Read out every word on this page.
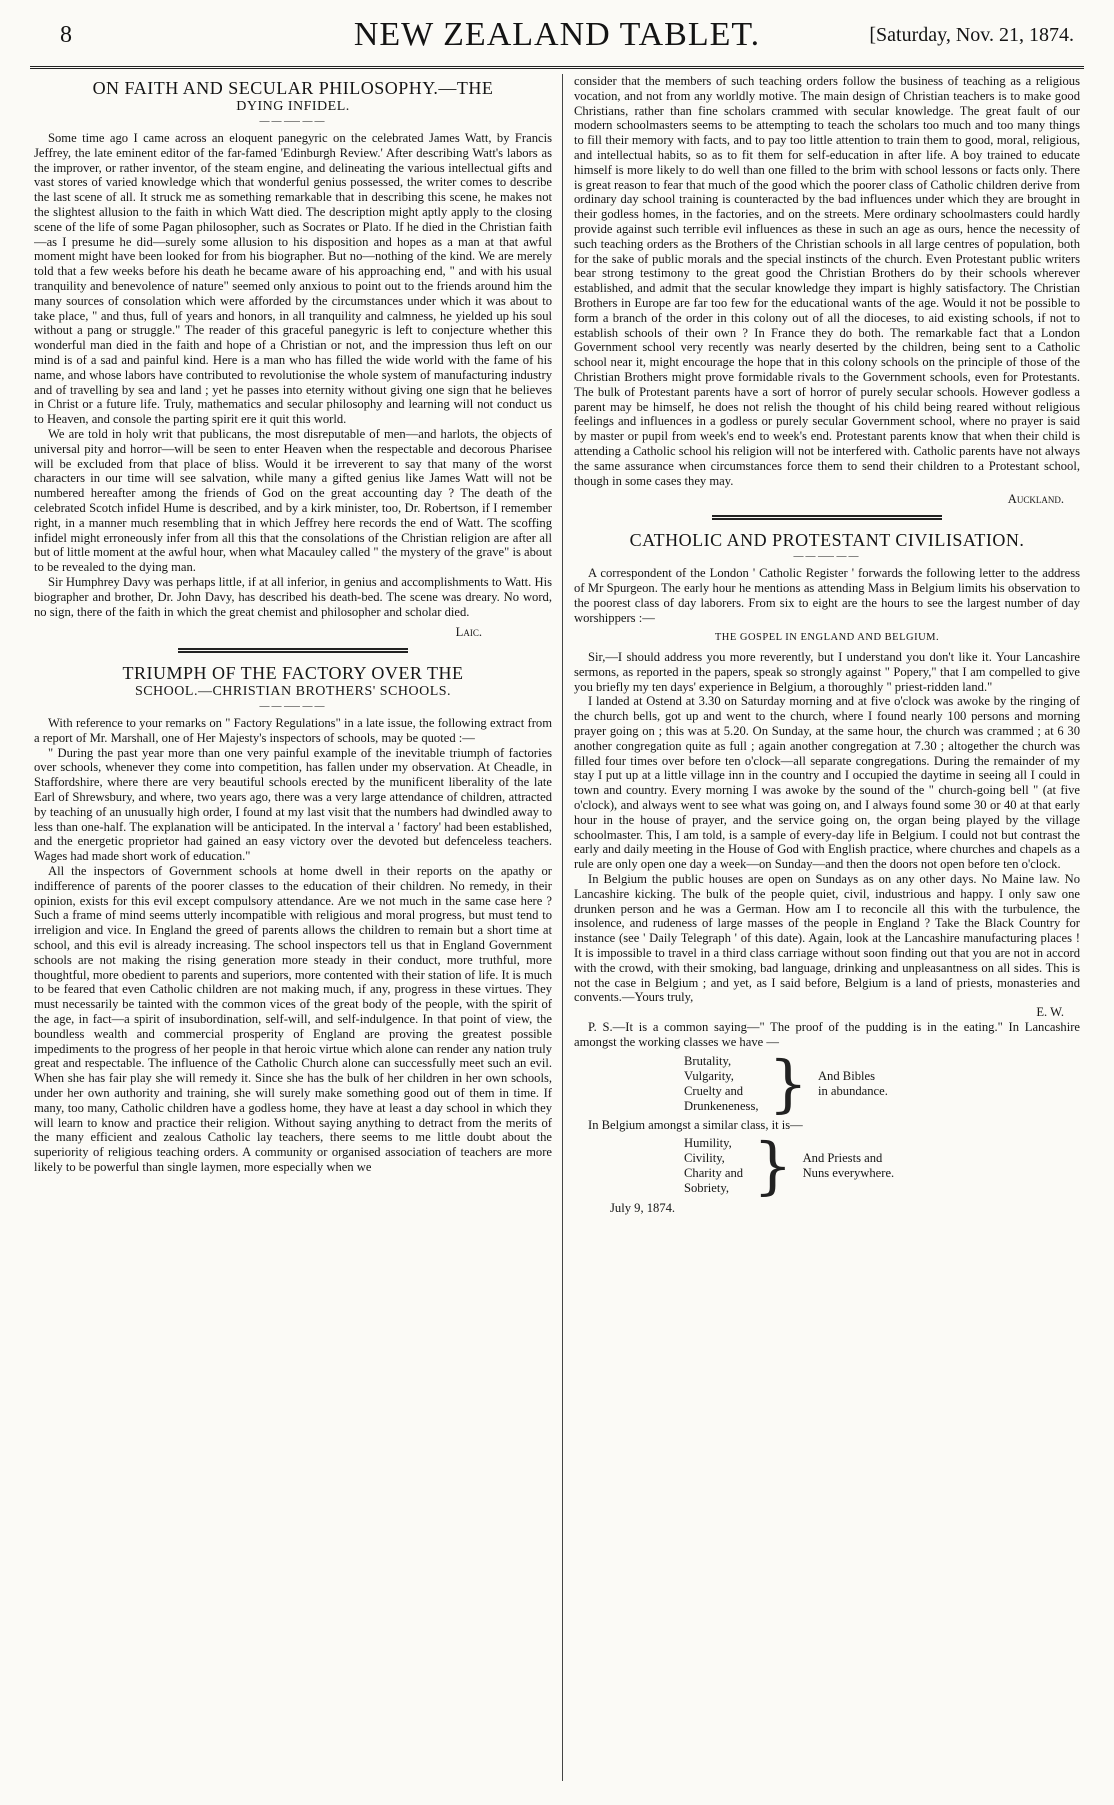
8	NEW ZEALAND TABLET.	[Saturday, Nov. 21, 1874.
ON FAITH AND SECULAR PHILOSOPHY.—THE
DYING INFIDEL.
——⸺——

Some time ago I came across an eloquent panegyric on the celebrated James Watt, by Francis Jeffrey, the late eminent editor of the far-famed 'Edinburgh Review.' After describing Watt's labors as the improver, or rather inventor, of the steam engine, and delineating the various intellectual gifts and vast stores of varied knowledge which that wonderful genius possessed, the writer comes to describe the last scene of all. It struck me as something remarkable that in describing this scene, he makes not the slightest allusion to the faith in which Watt died. The description might aptly apply to the closing scene of the life of some Pagan philosopher, such as Socrates or Plato. If he died in the Christian faith—as I presume he did—surely some allusion to his disposition and hopes as a man at that awful moment might have been looked for from his biographer. But no—nothing of the kind. We are merely told that a few weeks before his death he became aware of his approaching end, " and with his usual tranquility and benevolence of nature" seemed only anxious to point out to the friends around him the many sources of consolation which were afforded by the circumstances under which it was about to take place, " and thus, full of years and honors, in all tranquility and calmness, he yielded up his soul without a pang or struggle." The reader of this graceful panegyric is left to conjecture whether this wonderful man died in the faith and hope of a Christian or not, and the impression thus left on our mind is of a sad and painful kind. Here is a man who has filled the wide world with the fame of his name, and whose labors have contributed to revolutionise the whole system of manufacturing industry and of travelling by sea and land ; yet he passes into eternity without giving one sign that he believes in Christ or a future life. Truly, mathematics and secular philosophy and learning will not conduct us to Heaven, and console the parting spirit ere it quit this world.

We are told in holy writ that publicans, the most disreputable of men—and harlots, the objects of universal pity and horror—will be seen to enter Heaven when the respectable and decorous Pharisee will be excluded from that place of bliss. Would it be irreverent to say that many of the worst characters in our time will see salvation, while many a gifted genius like James Watt will not be numbered hereafter among the friends of God on the great accounting day ? The death of the celebrated Scotch infidel Hume is described, and by a kirk minister, too, Dr. Robertson, if I remember right, in a manner much resembling that in which Jeffrey here records the end of Watt. The scoffing infidel might erroneously infer from all this that the consolations of the Christian religion are after all but of little moment at the awful hour, when what Macauley called " the mystery of the grave" is about to be revealed to the dying man.

Sir Humphrey Davy was perhaps little, if at all inferior, in genius and accomplishments to Watt. His biographer and brother, Dr. John Davy, has described his death-bed. The scene was dreary. No word, no sign, there of the faith in which the great chemist and philosopher and scholar died.

Laic.
TRIUMPH OF THE FACTORY OVER THE
SCHOOL.—CHRISTIAN BROTHERS' SCHOOLS.
——⸺——

With reference to your remarks on " Factory Regulations" in a late issue, the following extract from a report of Mr. Marshall, one of Her Majesty's inspectors of schools, may be quoted :—

" During the past year more than one very painful example of the inevitable triumph of factories over schools, whenever they come into competition, has fallen under my observation. At Cheadle, in Staffordshire, where there are very beautiful schools erected by the munificent liberality of the late Earl of Shrewsbury, and where, two years ago, there was a very large attendance of children, attracted by teaching of an unusually high order, I found at my last visit that the numbers had dwindled away to less than one-half. The explanation will be anticipated. In the interval a ' factory' had been established, and the energetic proprietor had gained an easy victory over the devoted but defenceless teachers. Wages had made short work of education."

All the inspectors of Government schools at home dwell in their reports on the apathy or indifference of parents of the poorer classes to the education of their children. No remedy, in their opinion, exists for this evil except compulsory attendance. Are we not much in the same case here ? Such a frame of mind seems utterly incompatible with religious and moral progress, but must tend to irreligion and vice. In England the greed of parents allows the children to remain but a short time at school, and this evil is already increasing. The school inspectors tell us that in England Government schools are not making the rising generation more steady in their conduct, more truthful, more thoughtful, more obedient to parents and superiors, more contented with their station of life. It is much to be feared that even Catholic children are not making much, if any, progress in these virtues. They must necessarily be tainted with the common vices of the great body of the people, with the spirit of the age, in fact—a spirit of insubordination, self-will, and self-indulgence. In that point of view, the boundless wealth and commercial prosperity of England are proving the greatest possible impediments to the progress of her people in that heroic virtue which alone can render any nation truly great and respectable. The influence of the Catholic Church alone can successfully meet such an evil. When she has fair play she will remedy it. Since she has the bulk of her children in her own schools, under her own authority and training, she will surely make something good out of them in time. If many, too many, Catholic children have a godless home, they have at least a day school in which they will learn to know and practice their religion. Without saying anything to detract from the merits of the many efficient and zealous Catholic lay teachers, there seems to me little doubt about the superiority of religious teaching orders. A community or organised association of teachers are more likely to be powerful than single laymen, more especially when we

consider that the members of such teaching orders follow the business of teaching as a religious vocation, and not from any worldly motive. The main design of Christian teachers is to make good Christians, rather than fine scholars crammed with secular knowledge. The great fault of our modern schoolmasters seems to be attempting to teach the scholars too much and too many things to fill their memory with facts, and to pay too little attention to train them to good, moral, religious, and intellectual habits, so as to fit them for self-education in after life. A boy trained to educate himself is more likely to do well than one filled to the brim with school lessons or facts only. There is great reason to fear that much of the good which the poorer class of Catholic children derive from ordinary day school training is counteracted by the bad influences under which they are brought in their godless homes, in the factories, and on the streets. Mere ordinary schoolmasters could hardly provide against such terrible evil influences as these in such an age as ours, hence the necessity of such teaching orders as the Brothers of the Christian schools in all large centres of population, both for the sake of public morals and the special instincts of the church. Even Protestant public writers bear strong testimony to the great good the Christian Brothers do by their schools wherever established, and admit that the secular knowledge they impart is highly satisfactory. The Christian Brothers in Europe are far too few for the educational wants of the age. Would it not be possible to form a branch of the order in this colony out of all the dioceses, to aid existing schools, if not to establish schools of their own ? In France they do both. The remarkable fact that a London Government school very recently was nearly deserted by the children, being sent to a Catholic school near it, might encourage the hope that in this colony schools on the principle of those of the Christian Brothers might prove formidable rivals to the Government schools, even for Protestants. The bulk of Protestant parents have a sort of horror of purely secular schools. However godless a parent may be himself, he does not relish the thought of his child being reared without religious feelings and influences in a godless or purely secular Government school, where no prayer is said by master or pupil from week's end to week's end. Protestant parents know that when their child is attending a Catholic school his religion will not be interfered with. Catholic parents have not always the same assurance when circumstances force them to send their children to a Protestant school, though in some cases they may.

Auckland.
CATHOLIC AND PROTESTANT CIVILISATION.
——⸺——

A correspondent of the London ' Catholic Register ' forwards the following letter to the address of Mr Spurgeon. The early hour he mentions as attending Mass in Belgium limits his observation to the poorest class of day laborers. From six to eight are the hours to see the largest number of day worshippers :—

THE GOSPEL IN ENGLAND AND BELGIUM.

Sir,—I should address you more reverently, but I understand you don't like it. Your Lancashire sermons, as reported in the papers, speak so strongly against " Popery," that I am compelled to give you briefly my ten days' experience in Belgium, a thoroughly " priest-ridden land."

I landed at Ostend at 3.30 on Saturday morning and at five o'clock was awoke by the ringing of the church bells, got up and went to the church, where I found nearly 100 persons and morning prayer going on ; this was at 5.20. On Sunday, at the same hour, the church was crammed ; at 6 30 another congregation quite as full ; again another congregation at 7.30 ; altogether the church was filled four times over before ten o'clock—all separate congregations. During the remainder of my stay I put up at a little village inn in the country and I occupied the daytime in seeing all I could in town and country. Every morning I was awoke by the sound of the " church-going bell " (at five o'clock), and always went to see what was going on, and I always found some 30 or 40 at that early hour in the house of prayer, and the service going on, the organ being played by the village schoolmaster. This, I am told, is a sample of every-day life in Belgium. I could not but contrast the early and daily meeting in the House of God with English practice, where churches and chapels as a rule are only open one day a week—on Sunday—and then the doors not open before ten o'clock.

In Belgium the public houses are open on Sundays as on any other days. No Maine law. No Lancashire kicking. The bulk of the people quiet, civil, industrious and happy. I only saw one drunken person and he was a German. How am I to reconcile all this with the turbulence, the insolence, and rudeness of large masses of the people in England ? Take the Black Country for instance (see ' Daily Telegraph ' of this date). Again, look at the Lancashire manufacturing places ! It is impossible to travel in a third class carriage without soon finding out that you are not in accord with the crowd, with their smoking, bad language, drinking and unpleasantness on all sides. This is not the case in Belgium ; and yet, as I said before, Belgium is a land of priests, monasteries and convents.—Yours truly,

E. W.

P. S.—It is a common saying—" The proof of the pudding is in the eating." In Lancashire amongst the working classes we have —

Brutality,
Vulgarity,
Cruelty and
Drunkeneness, } And Bibles
in abundance.

In Belgium amongst a similar class, it is—

Humility,
Civility,
Charity and
Sobriety, } And Priests and
Nuns everywhere.
July 9, 1874.
